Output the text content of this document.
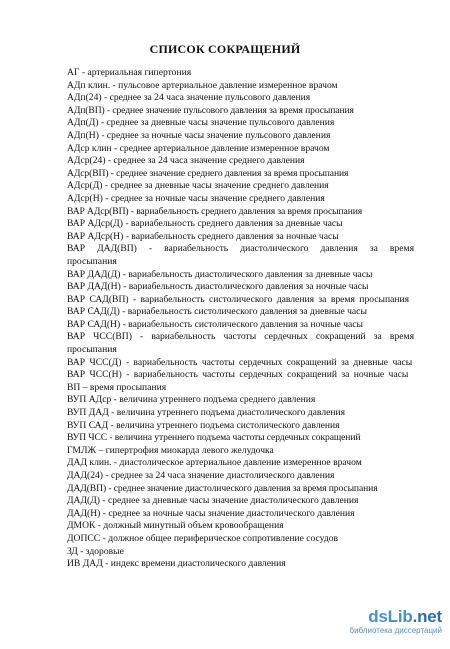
СПИСОК СОКРАЩЕНИЙ
АГ - артериальная гипертония
АДп клин. - пульсовое артериальное давление измеренное врачом
АДп(24) - среднее за 24 часа значение пульсового давления
АДп(ВП) - среднее значение пульсового давления за время просыпания
АДп(Д) - среднее за дневные часы значение пульсового давления
АДп(Н) - среднее за ночные часы значение пульсового давления
АДср клин - среднее артериальное давление измеренное врачом
АДср(24) - среднее за 24 часа значение среднего давления
АДср(ВП) - среднее значение среднего давления за время просыпания
АДср(Д) - среднее за дневные часы значение среднего давления
АДср(Н) - среднее за ночные часы значение среднего давления
ВАР АДср(ВП) - вариабельность среднего давления за время просыпания
ВАР АДср(Д) - вариабельность среднего давления за дневные часы
ВАР АДср(Н) - вариабельность среднего давления за ночные часы
ВАР ДАД(ВП) - вариабельность диастолического давления за время просыпания
ВАР ДАД(Д) - вариабельность диастолического давления за дневные часы
ВАР ДАД(Н) - вариабельность диастолического давления за ночные часы
ВАР САД(ВП) - вариабельность систолического давления за время просыпания
ВАР САД(Д) - вариабельность систолического давления за дневные часы
ВАР САД(Н) - вариабельность систолического давления за ночные часы
ВАР ЧСС(ВП) - вариабельность частоты сердечных сокращений за время просыпания
ВАР ЧСС(Д) - вариабельность частоты сердечных сокращений за дневные часы
ВАР ЧСС(Н) - вариабельность частоты сердечных сокращений за ночные часы
ВП – время просыпания
ВУП АДср - величина утреннего подъема среднего давления
ВУП ДАД - величина утреннего подъема диастолического давления
ВУП САД - величина утреннего подъема систолического давления
ВУП ЧСС - величина утреннего подъема частоты сердечных сокращений
ГМЛЖ – гипертрофия миокарда левого желудочка
ДАД клин. - диастолическое артериальное давление измеренное врачом
ДАД(24) - среднее за 24 часа значение диастолического давления
ДАД(ВП) - среднее значение диастолического давления за время просыпания
ДАД(Д) - среднее за дневные часы значение диастолического давления
ДАД(Н) - среднее за ночные часы значение диастолического давления
ДМОК - должный минутный объем кровообращения
ДОПСС - должное общее периферическое сопротивление сосудов
ЗД - здоровые
ИВ ДАД - индекс времени диастолического давления
dsLib.net
библиотека диссертаций
